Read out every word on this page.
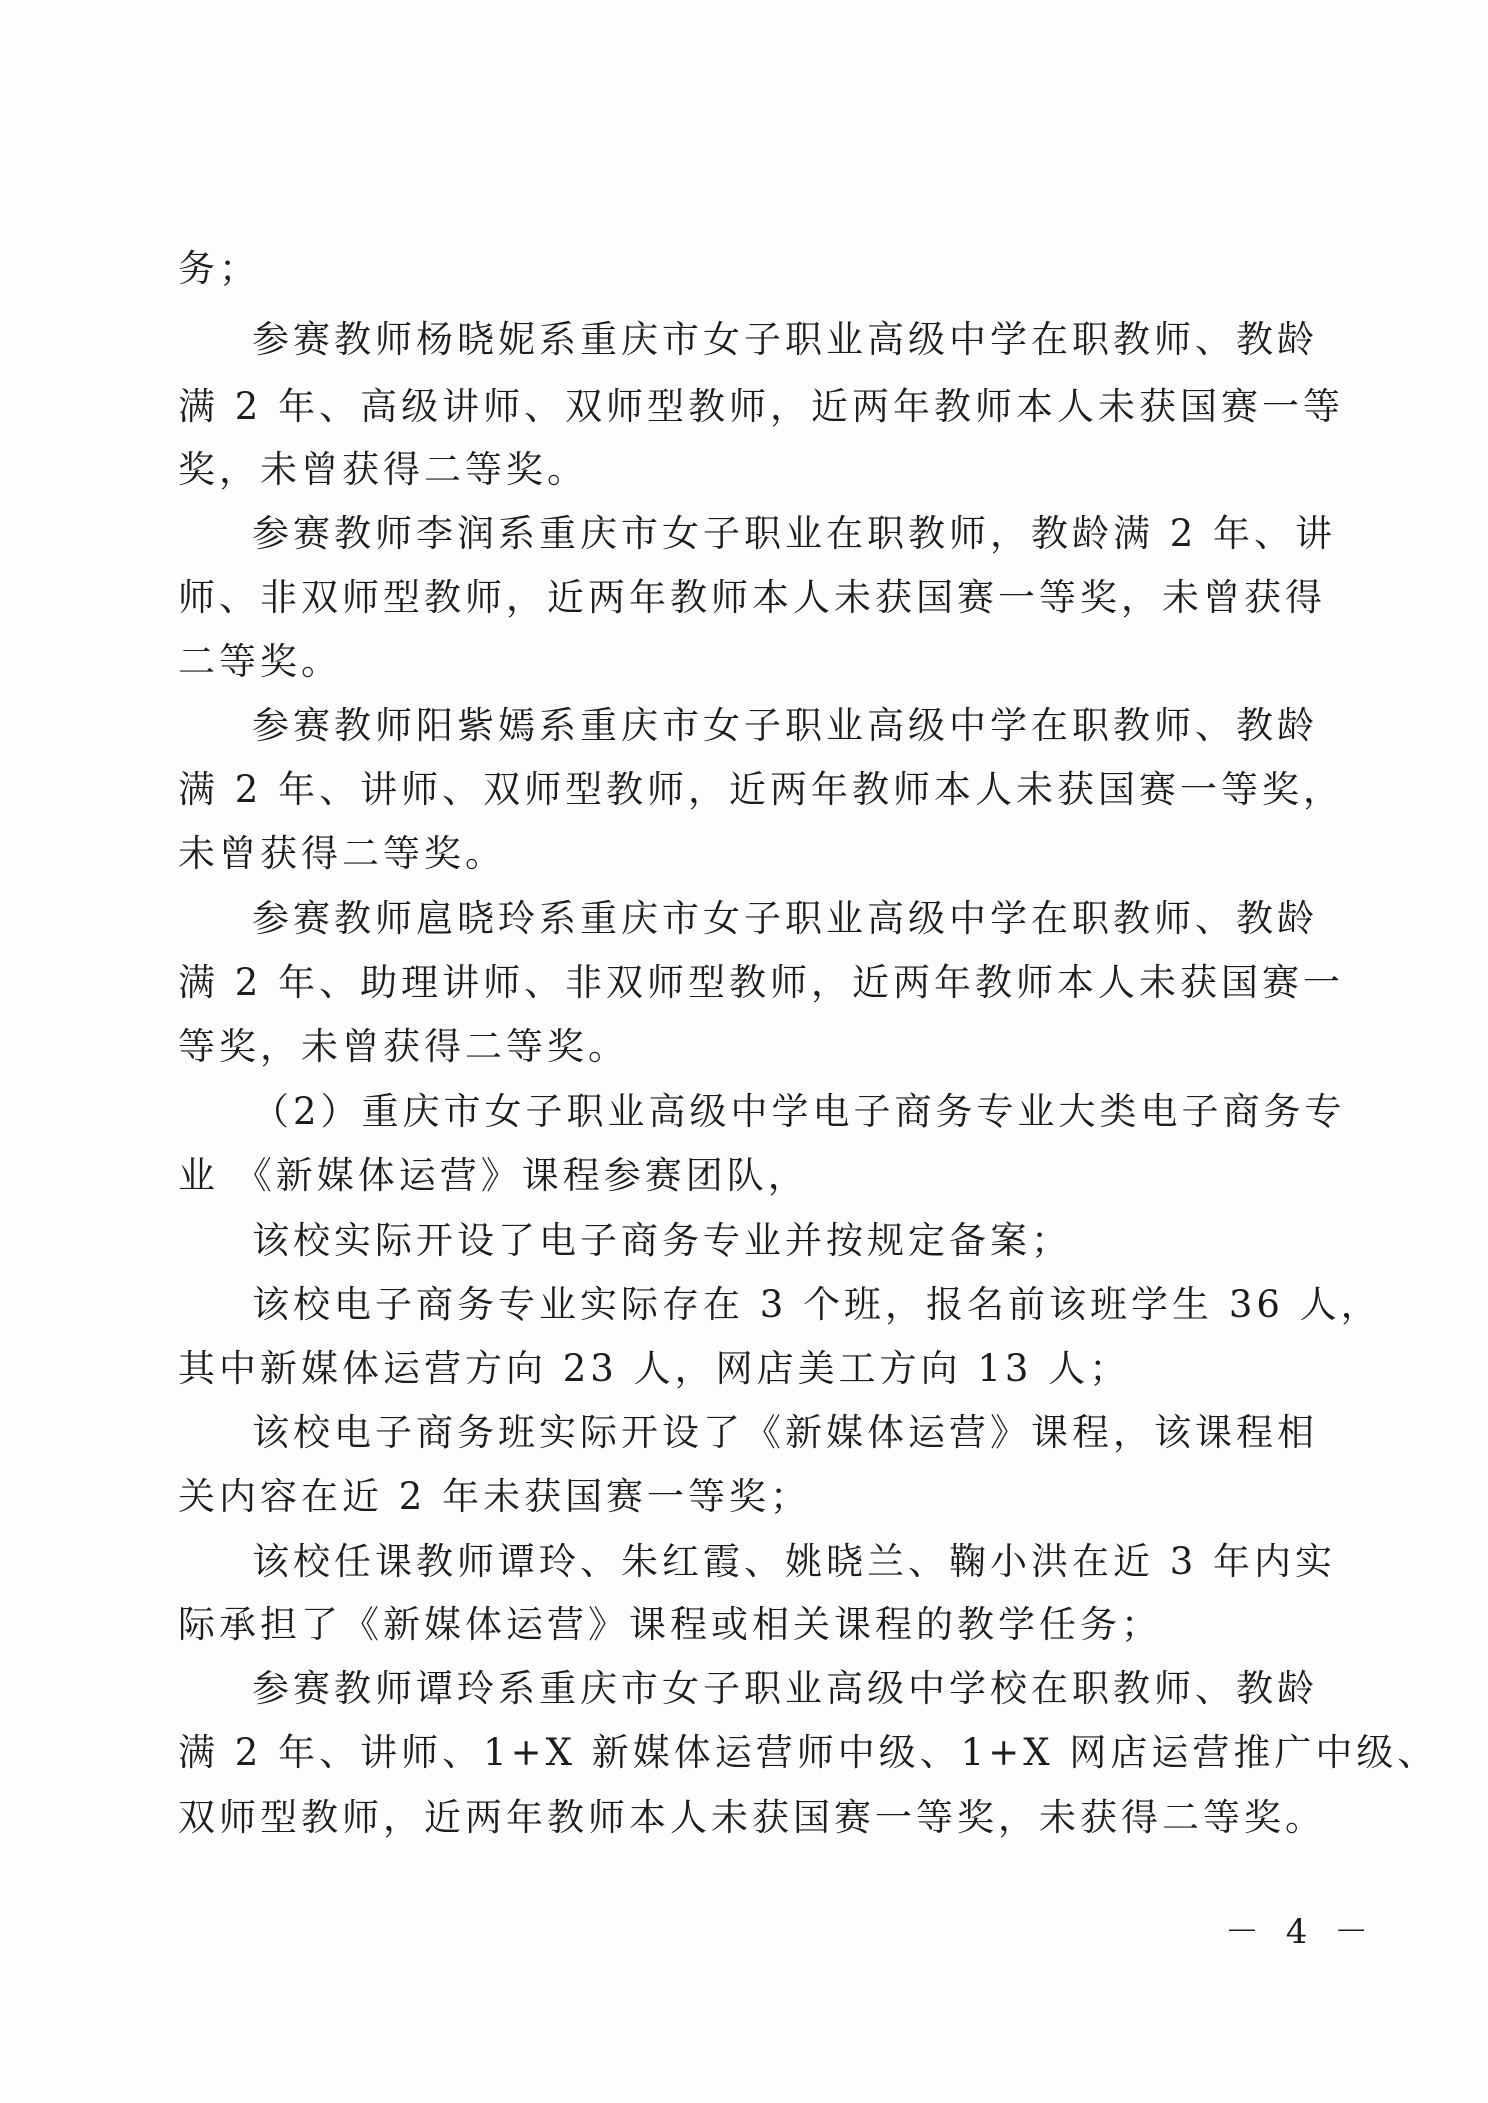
务；
参赛教师杨晓妮系重庆市女子职业高级中学在职教师、教龄
满 2 年、高级讲师、双师型教师，近两年教师本人未获国赛一等
奖，未曾获得二等奖。
参赛教师李润系重庆市女子职业在职教师，教龄满 2 年、讲
师、非双师型教师，近两年教师本人未获国赛一等奖，未曾获得
二等奖。
参赛教师阳紫嫣系重庆市女子职业高级中学在职教师、教龄
满 2 年、讲师、双师型教师，近两年教师本人未获国赛一等奖，
未曾获得二等奖。
参赛教师扈晓玲系重庆市女子职业高级中学在职教师、教龄
满 2 年、助理讲师、非双师型教师，近两年教师本人未获国赛一
等奖，未曾获得二等奖。
（2）重庆市女子职业高级中学电子商务专业大类电子商务专
业 《新媒体运营》课程参赛团队，
该校实际开设了电子商务专业并按规定备案；
该校电子商务专业实际存在 3 个班，报名前该班学生 36 人，
其中新媒体运营方向 23 人，网店美工方向 13 人；
该校电子商务班实际开设了《新媒体运营》课程，该课程相
关内容在近 2 年未获国赛一等奖；
该校任课教师谭玲、朱红霞、姚晓兰、鞠小洪在近 3 年内实
际承担了《新媒体运营》课程或相关课程的教学任务；
参赛教师谭玲系重庆市女子职业高级中学校在职教师、教龄
满 2 年、讲师、1+X 新媒体运营师中级、1+X 网店运营推广中级、
双师型教师，近两年教师本人未获国赛一等奖，未获得二等奖。
－ 4 －
